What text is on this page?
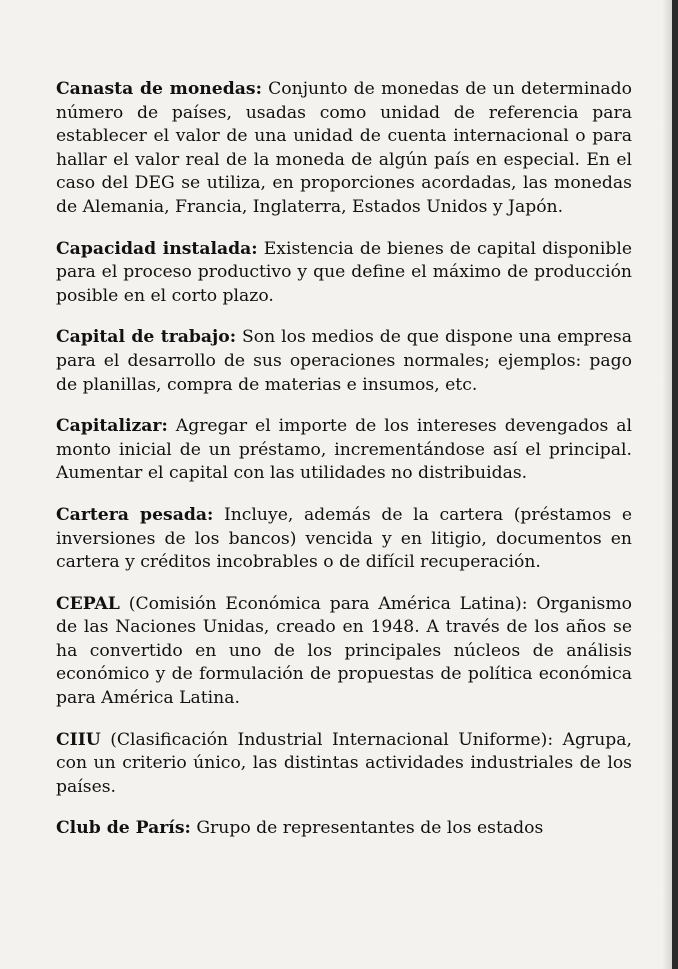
Canasta de monedas: Conjunto de monedas de un determinado número de países, usadas como unidad de referencia para establecer el valor de una unidad de cuenta internacional o para hallar el valor real de la moneda de algún país en especial. En el caso del DEG se utiliza, en proporciones acordadas, las monedas de Alemania, Francia, Inglaterra, Estados Unidos y Japón.

Capacidad instalada: Existencia de bienes de capital disponible para el proceso productivo y que define el máximo de producción posible en el corto plazo.

Capital de trabajo: Son los medios de que dispone una empresa para el desarrollo de sus operaciones normales; ejemplos: pago de planillas, compra de materias e insumos, etc.

Capitalizar: Agregar el importe de los intereses devengados al monto inicial de un préstamo, incrementándose así el principal. Aumentar el capital con las utilidades no distribuidas.

Cartera pesada: Incluye, además de la cartera (préstamos e inversiones de los bancos) vencida y en litigio, documentos en cartera y créditos incobrables o de difícil recuperación.

CEPAL (Comisión Económica para América Latina): Organismo de las Naciones Unidas, creado en 1948. A través de los años se ha convertido en uno de los principales núcleos de análisis económico y de formulación de propuestas de política económica para América Latina.

CIIU (Clasificación Industrial Internacional Uniforme): Agrupa, con un criterio único, las distintas actividades industriales de los países.

Club de París: Grupo de representantes de los estados
